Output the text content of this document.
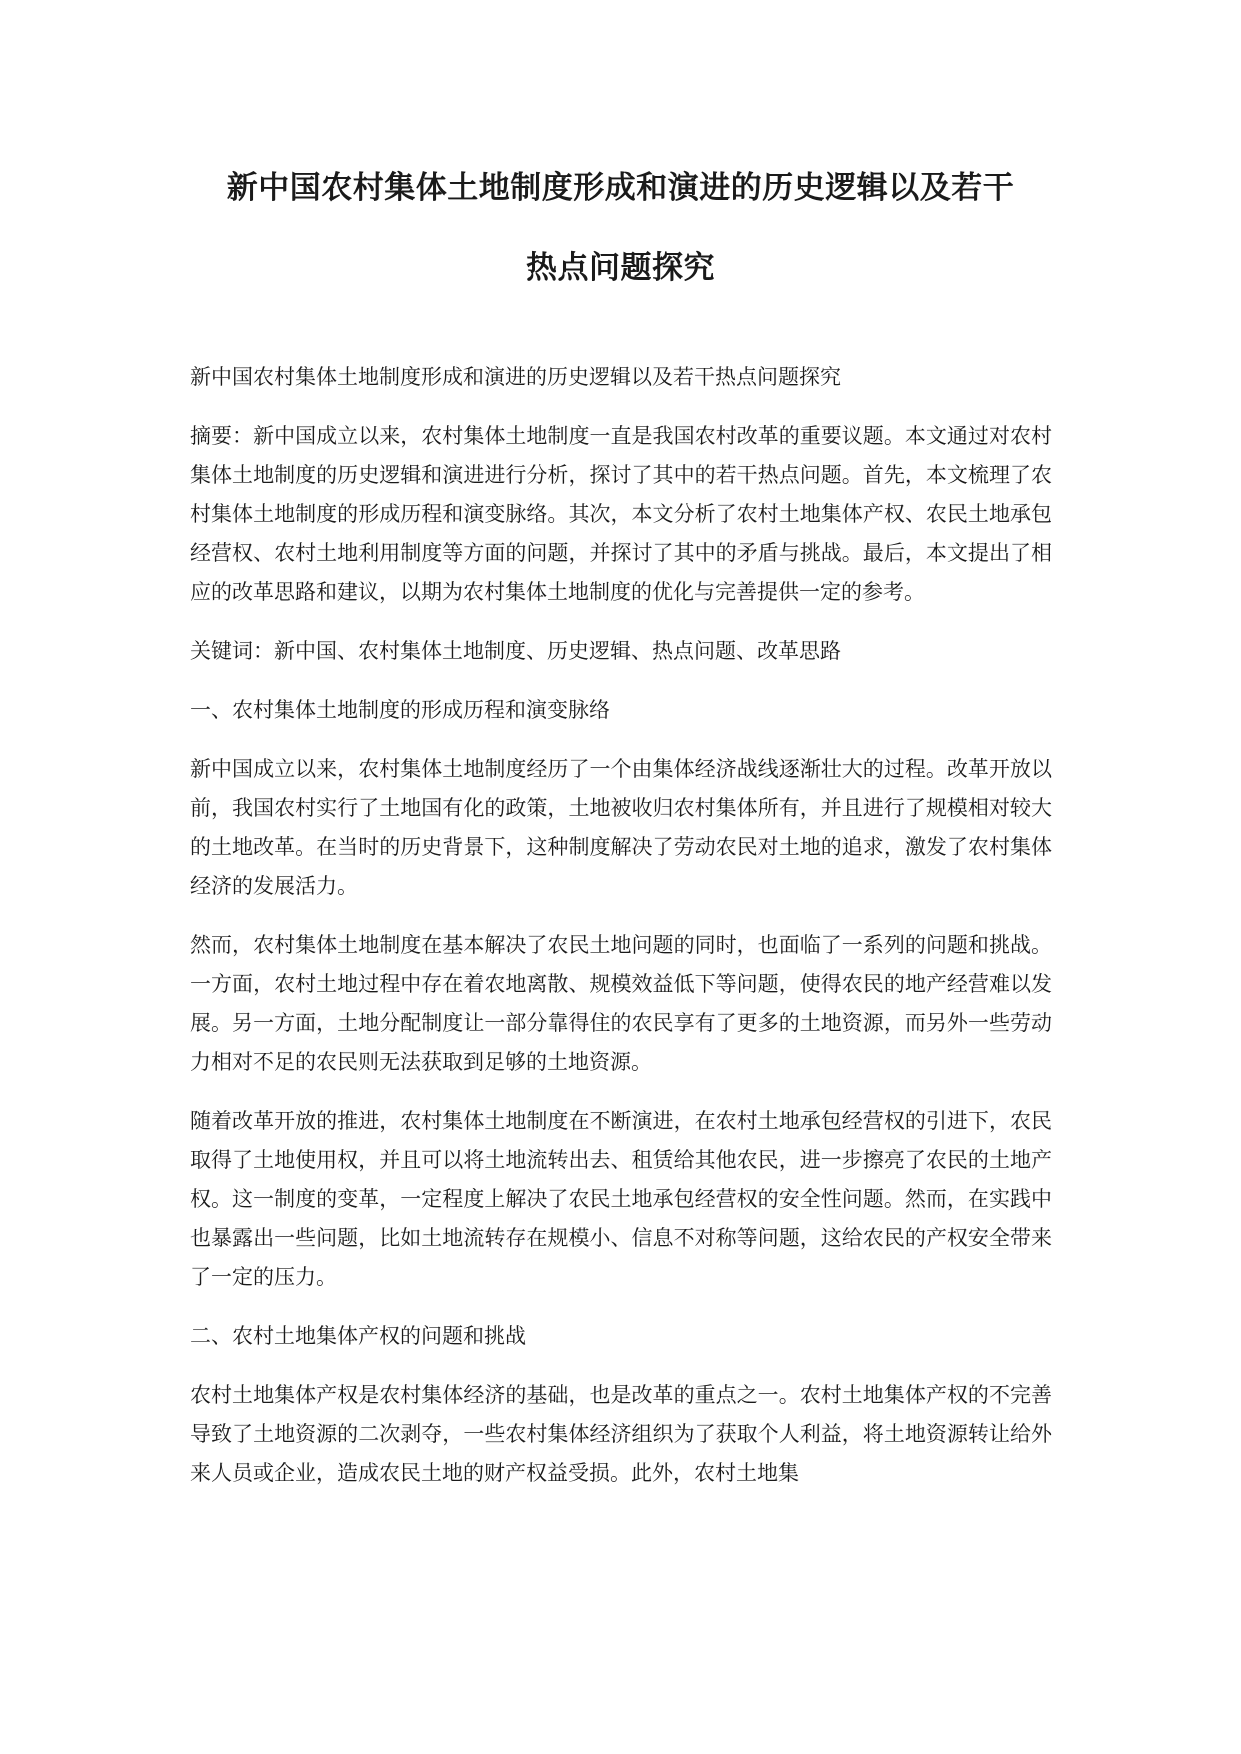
新中国农村集体土地制度形成和演进的历史逻辑以及若干
热点问题探究

新中国农村集体土地制度形成和演进的历史逻辑以及若干热点问题探究

摘要：新中国成立以来，农村集体土地制度一直是我国农村改革的重要议题。本文通过对农村集体土地制度的历史逻辑和演进进行分析，探讨了其中的若干热点问题。首先，本文梳理了农村集体土地制度的形成历程和演变脉络。其次，本文分析了农村土地集体产权、农民土地承包经营权、农村土地利用制度等方面的问题，并探讨了其中的矛盾与挑战。最后，本文提出了相应的改革思路和建议，以期为农村集体土地制度的优化与完善提供一定的参考。

关键词：新中国、农村集体土地制度、历史逻辑、热点问题、改革思路

一、农村集体土地制度的形成历程和演变脉络

新中国成立以来，农村集体土地制度经历了一个由集体经济战线逐渐壮大的过程。改革开放以前，我国农村实行了土地国有化的政策，土地被收归农村集体所有，并且进行了规模相对较大的土地改革。在当时的历史背景下，这种制度解决了劳动农民对土地的追求，激发了农村集体经济的发展活力。

然而，农村集体土地制度在基本解决了农民土地问题的同时，也面临了一系列的问题和挑战。一方面，农村土地过程中存在着农地离散、规模效益低下等问题，使得农民的地产经营难以发展。另一方面，土地分配制度让一部分靠得住的农民享有了更多的土地资源，而另外一些劳动力相对不足的农民则无法获取到足够的土地资源。

随着改革开放的推进，农村集体土地制度在不断演进，在农村土地承包经营权的引进下，农民取得了土地使用权，并且可以将土地流转出去、租赁给其他农民，进一步擦亮了农民的土地产权。这一制度的变革，一定程度上解决了农民土地承包经营权的安全性问题。然而，在实践中也暴露出一些问题，比如土地流转存在规模小、信息不对称等问题，这给农民的产权安全带来了一定的压力。

二、农村土地集体产权的问题和挑战

农村土地集体产权是农村集体经济的基础，也是改革的重点之一。农村土地集体产权的不完善导致了土地资源的二次剥夺，一些农村集体经济组织为了获取个人利益，将土地资源转让给外来人员或企业，造成农民土地的财产权益受损。此外，农村土地集
